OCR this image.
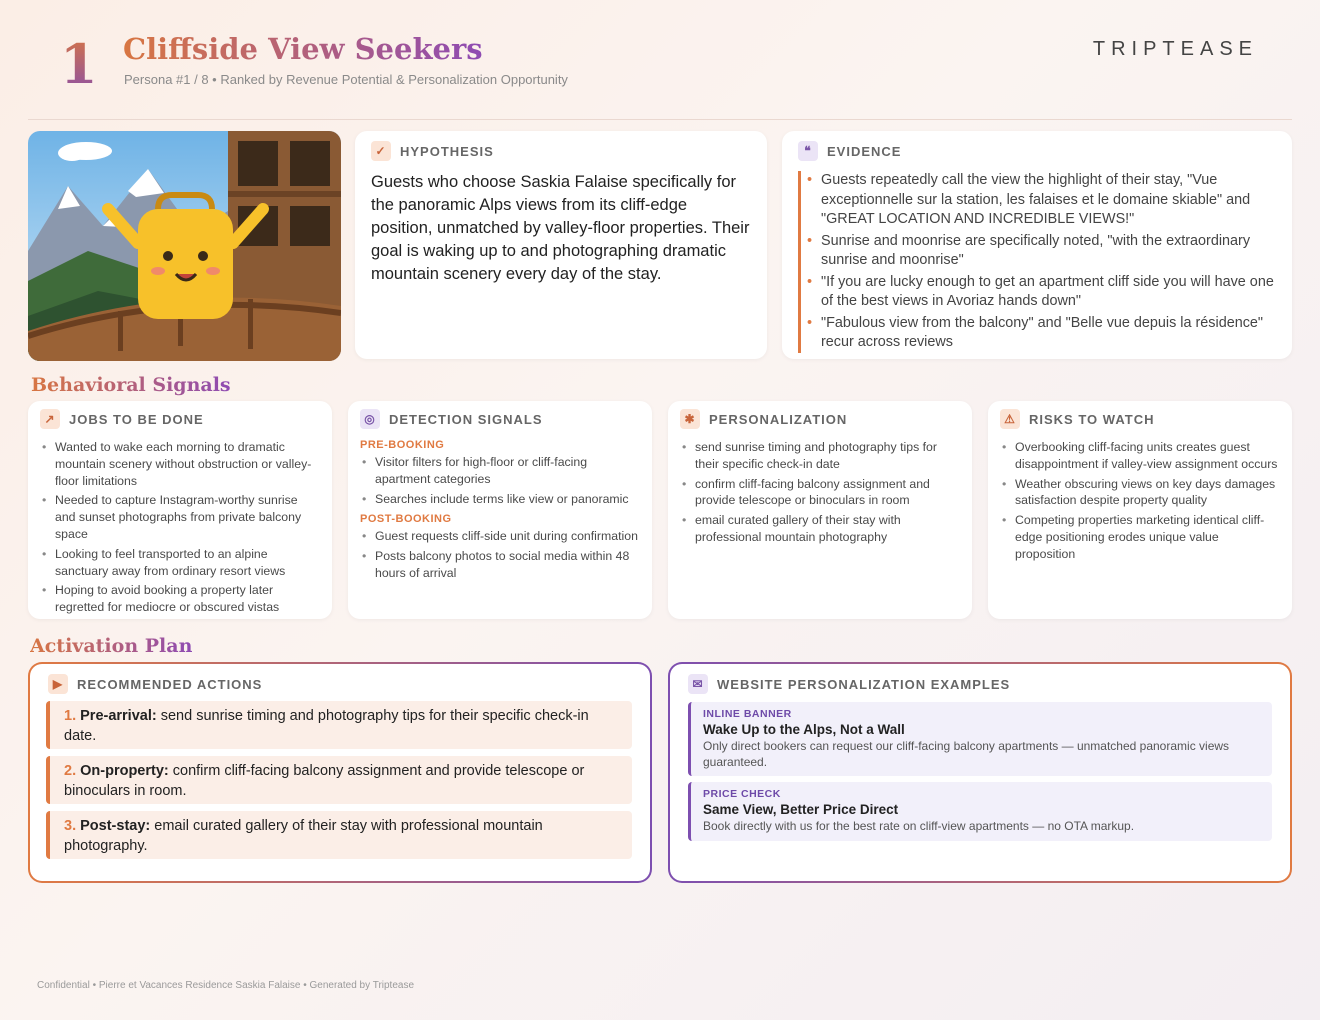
1 Cliffside View Seekers
Persona #1 / 8 • Ranked by Revenue Potential & Personalization Opportunity
TRIPTEASE
✓	HYPOTHESIS
Guests who choose Saskia Falaise specifically for the panoramic Alps views from its cliff-edge position, unmatched by valley-floor properties. Their goal is waking up to and photographing dramatic mountain scenery every day of the stay.
❝	EVIDENCE
• Guests repeatedly call the view the highlight of their stay, "Vue exceptionnelle sur la station, les falaises et le domaine skiable" and "GREAT LOCATION AND INCREDIBLE VIEWS!"
• Sunrise and moonrise are specifically noted, "with the extraordinary sunrise and moonrise"
• "If you are lucky enough to get an apartment cliff side you will have one of the best views in Avoriaz hands down"
• "Fabulous view from the balcony" and "Belle vue depuis la résidence" recur across reviews
Behavioral Signals
↗	JOBS TO BE DONE
• Wanted to wake each morning to dramatic mountain scenery without obstruction or valley-floor limitations
• Needed to capture Instagram-worthy sunrise and sunset photographs from private balcony space
• Looking to feel transported to an alpine sanctuary away from ordinary resort views
• Hoping to avoid booking a property later regretted for mediocre or obscured vistas
◎	DETECTION SIGNALS
PRE-BOOKING
• Visitor filters for high-floor or cliff-facing apartment categories
• Searches include terms like view or panoramic
POST-BOOKING
• Guest requests cliff-side unit during confirmation
• Posts balcony photos to social media within 48 hours of arrival
✱	PERSONALIZATION
• send sunrise timing and photography tips for their specific check-in date
• confirm cliff-facing balcony assignment and provide telescope or binoculars in room
• email curated gallery of their stay with professional mountain photography
⚠	RISKS TO WATCH
• Overbooking cliff-facing units creates guest disappointment if valley-view assignment occurs
• Weather obscuring views on key days damages satisfaction despite property quality
• Competing properties marketing identical cliff-edge positioning erodes unique value proposition
Activation Plan
▶	RECOMMENDED ACTIONS
1. Pre-arrival: send sunrise timing and photography tips for their specific check-in date.
2. On-property: confirm cliff-facing balcony assignment and provide telescope or binoculars in room.
3. Post-stay: email curated gallery of their stay with professional mountain photography.
✉	WEBSITE PERSONALIZATION EXAMPLES
INLINE BANNER
Wake Up to the Alps, Not a Wall
Only direct bookers can request our cliff-facing balcony apartments — unmatched panoramic views guaranteed.
PRICE CHECK
Same View, Better Price Direct
Book directly with us for the best rate on cliff-view apartments — no OTA markup.
Confidential • Pierre et Vacances Residence Saskia Falaise • Generated by Triptease
